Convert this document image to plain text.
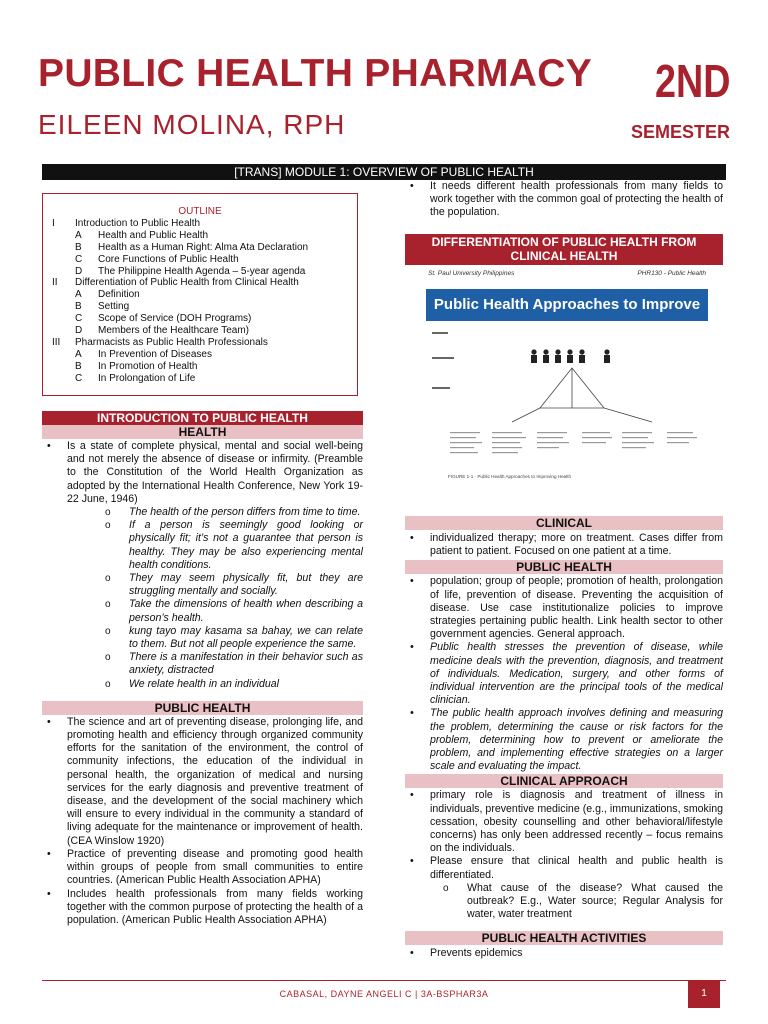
PUBLIC HEALTH PHARMACY
EILEEN MOLINA, RPH
2ND
SEMESTER
[TRANS] MODULE 1: OVERVIEW OF PUBLIC HEALTH
OUTLINE
I Introduction to Public Health
A Health and Public Health
B Health as a Human Right: Alma Ata Declaration
C Core Functions of Public Health
D The Philippine Health Agenda – 5-year agenda
II Differentiation of Public Health from Clinical Health
A Definition
B Setting
C Scope of Service (DOH Programs)
D Members of the Healthcare Team)
III Pharmacists as Public Health Professionals
A In Prevention of Diseases
B In Promotion of Health
C In Prolongation of Life
INTRODUCTION TO PUBLIC HEALTH
HEALTH
• Is a state of complete physical, mental and social well-being and not merely the absence of disease or infirmity. (Preamble to the Constitution of the World Health Organization as adopted by the International Health Conference, New York 19-22 June, 1946)
o The health of the person differs from time to time.
o If a person is seemingly good looking or physically fit; it’s not a guarantee that person is healthy. They may be also experiencing mental health conditions.
o They may seem physically fit, but they are struggling mentally and socially.
o Take the dimensions of health when describing a person’s health.
o kung tayo may kasama sa bahay, we can relate to them. But not all people experience the same.
o There is a manifestation in their behavior such as anxiety, distracted
o We relate health in an individual
PUBLIC HEALTH
• The science and art of preventing disease, prolonging life, and promoting health and efficiency through organized community efforts for the sanitation of the environment, the control of community infections, the education of the individual in personal health, the organization of medical and nursing services for the early diagnosis and preventive treatment of disease, and the development of the social machinery which will ensure to every individual in the community a standard of living adequate for the maintenance or improvement of health. (CEA Winslow 1920)
• Practice of preventing disease and promoting good health within groups of people from small communities to entire countries. (American Public Health Association APHA)
• Includes health professionals from many fields working together with the common purpose of protecting the health of a population. (American Public Health Association APHA)
• It needs different health professionals from many fields to work together with the common goal of protecting the health of the population.
DIFFERENTIATION OF PUBLIC HEALTH FROM CLINICAL HEALTH
St. Paul University Philippines	PHR130 - Public Health
Public Health Approaches to Improve Health
FIGURE 1-1 · Public Health Approaches to Improving Health
CLINICAL
• individualized therapy; more on treatment. Cases differ from patient to patient. Focused on one patient at a time.
PUBLIC HEALTH
• population; group of people; promotion of health, prolongation of life, prevention of disease. Preventing the acquisition of disease. Use case institutionalize policies to improve strategies pertaining public health. Link health sector to other government agencies. General approach.
• Public health stresses the prevention of disease, while medicine deals with the prevention, diagnosis, and treatment of individuals. Medication, surgery, and other forms of individual intervention are the principal tools of the medical clinician.
• The public health approach involves defining and measuring the problem, determining the cause or risk factors for the problem, determining how to prevent or ameliorate the problem, and implementing effective strategies on a larger scale and evaluating the impact.
CLINICAL APPROACH
• primary role is diagnosis and treatment of illness in individuals, preventive medicine (e.g., immunizations, smoking cessation, obesity counselling and other behavioral/lifestyle concerns) has only been addressed recently – focus remains on the individuals.
• Please ensure that clinical health and public health is differentiated.
o What cause of the disease? What caused the outbreak? E.g., Water source; Regular Analysis for water, water treatment
PUBLIC HEALTH ACTIVITIES
• Prevents epidemics
CABASAL, DAYNE ANGELI C | 3A-BSPHAR3A	1
